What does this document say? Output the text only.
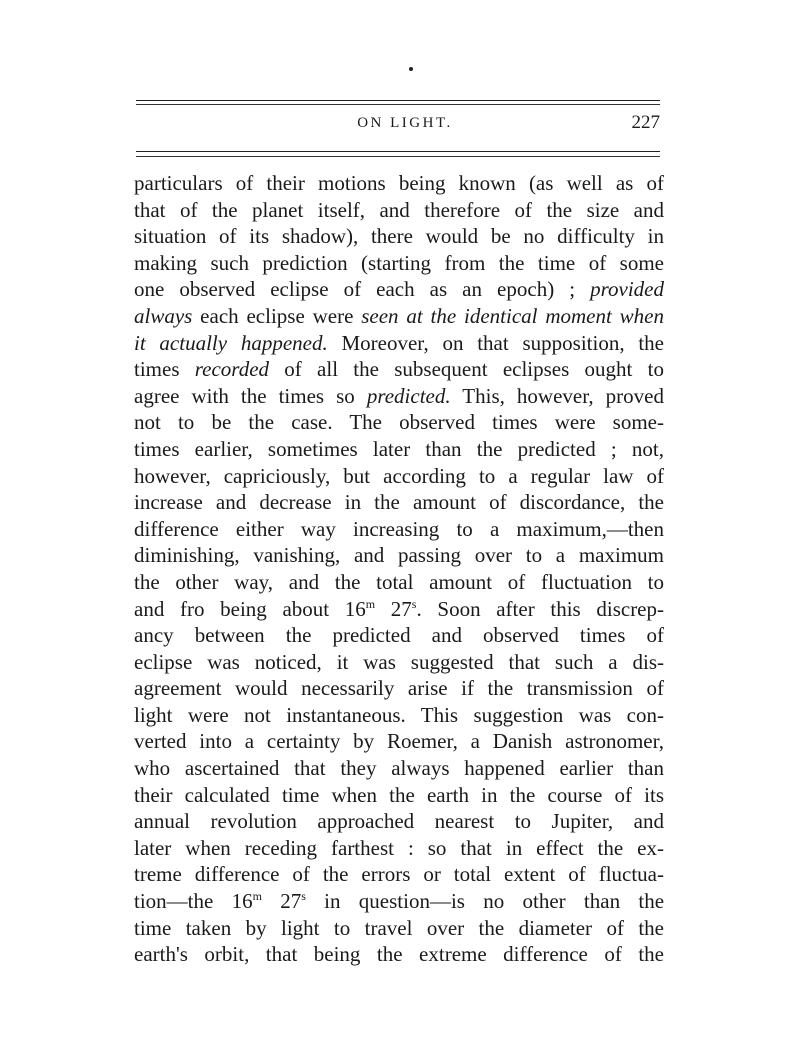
ON LIGHT.	227
particulars of their motions being known (as well as of
that of the planet itself, and therefore of the size and
situation of its shadow), there would be no difficulty in
making such prediction (starting from the time of some
one observed eclipse of each as an epoch) ; provided
always each eclipse were seen at the identical moment when
it actually happened. Moreover, on that supposition, the
times recorded of all the subsequent eclipses ought to
agree with the times so predicted. This, however, proved
not to be the case. The observed times were some-
times earlier, sometimes later than the predicted ; not,
however, capriciously, but according to a regular law of
increase and decrease in the amount of discordance, the
difference either way increasing to a maximum,—then
diminishing, vanishing, and passing over to a maximum
the other way, and the total amount of fluctuation to
and fro being about 16$^m$ 27$^s$. Soon after this discrep-
ancy between the predicted and observed times of
eclipse was noticed, it was suggested that such a dis-
agreement would necessarily arise if the transmission of
light were not instantaneous. This suggestion was con-
verted into a certainty by Roemer, a Danish astronomer,
who ascertained that they always happened earlier than
their calculated time when the earth in the course of its
annual revolution approached nearest to Jupiter, and
later when receding farthest : so that in effect the ex-
treme difference of the errors or total extent of fluctua-
tion—the 16$^m$ 27$^s$ in question—is no other than the
time taken by light to travel over the diameter of the
earth's orbit, that being the extreme difference of the
